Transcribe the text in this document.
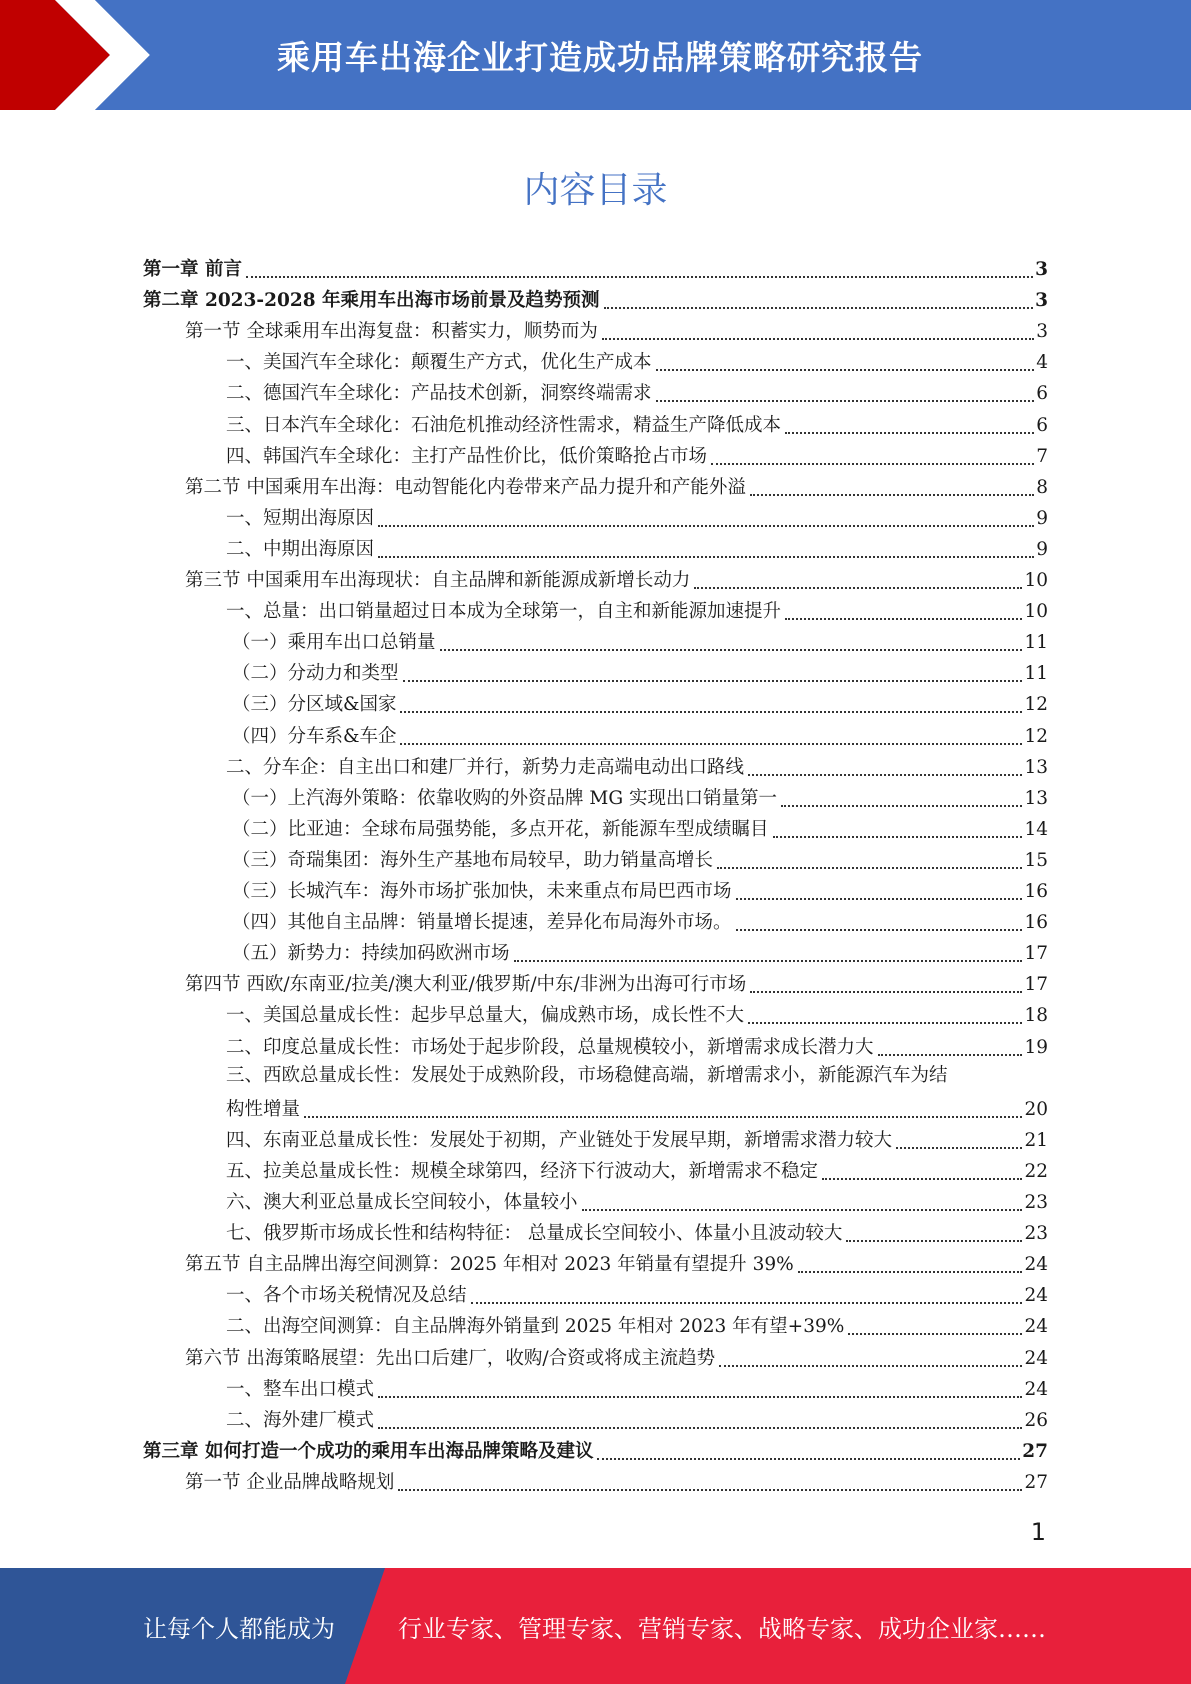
乘用车出海企业打造成功品牌策略研究报告
内容目录
第一章 前言	3
第二章 2023-2028 年乘用车出海市场前景及趋势预测	3
第一节 全球乘用车出海复盘：积蓄实力，顺势而为	3
一、美国汽车全球化：颠覆生产方式，优化生产成本	4
二、德国汽车全球化：产品技术创新，洞察终端需求	6
三、日本汽车全球化：石油危机推动经济性需求，精益生产降低成本	6
四、韩国汽车全球化：主打产品性价比，低价策略抢占市场	7
第二节 中国乘用车出海：电动智能化内卷带来产品力提升和产能外溢	8
一、短期出海原因	9
二、中期出海原因	9
第三节 中国乘用车出海现状：自主品牌和新能源成新增长动力	10
一、总量：出口销量超过日本成为全球第一，自主和新能源加速提升	10
（一）乘用车出口总销量	11
（二）分动力和类型	11
（三）分区域&国家	12
（四）分车系&车企	12
二、分车企：自主出口和建厂并行，新势力走高端电动出口路线	13
（一）上汽海外策略：依靠收购的外资品牌 MG 实现出口销量第一	13
（二）比亚迪：全球布局强势能，多点开花，新能源车型成绩瞩目	14
（三）奇瑞集团：海外生产基地布局较早，助力销量高增长	15
（三）长城汽车：海外市场扩张加快，未来重点布局巴西市场	16
（四）其他自主品牌：销量增长提速，差异化布局海外市场。	16
（五）新势力：持续加码欧洲市场	17
第四节 西欧/东南亚/拉美/澳大利亚/俄罗斯/中东/非洲为出海可行市场	17
一、美国总量成长性：起步早总量大，偏成熟市场，成长性不大	18
二、印度总量成长性：市场处于起步阶段，总量规模较小，新增需求成长潜力大	19
三、西欧总量成长性：发展处于成熟阶段，市场稳健高端，新增需求小，新能源汽车为结
构性增量	20
四、东南亚总量成长性：发展处于初期，产业链处于发展早期，新增需求潜力较大	21
五、拉美总量成长性：规模全球第四，经济下行波动大，新增需求不稳定	22
六、澳大利亚总量成长空间较小，体量较小	23
七、俄罗斯市场成长性和结构特征： 总量成长空间较小、体量小且波动较大	23
第五节 自主品牌出海空间测算：2025 年相对 2023 年销量有望提升 39%	24
一、各个市场关税情况及总结	24
二、出海空间测算：自主品牌海外销量到 2025 年相对 2023 年有望+39%	24
第六节 出海策略展望：先出口后建厂，收购/合资或将成主流趋势	24
一、整车出口模式	24
二、海外建厂模式	26
第三章 如何打造一个成功的乘用车出海品牌策略及建议	27
第一节 企业品牌战略规划	27
1
让每个人都能成为	行业专家、管理专家、营销专家、战略专家、成功企业家……
